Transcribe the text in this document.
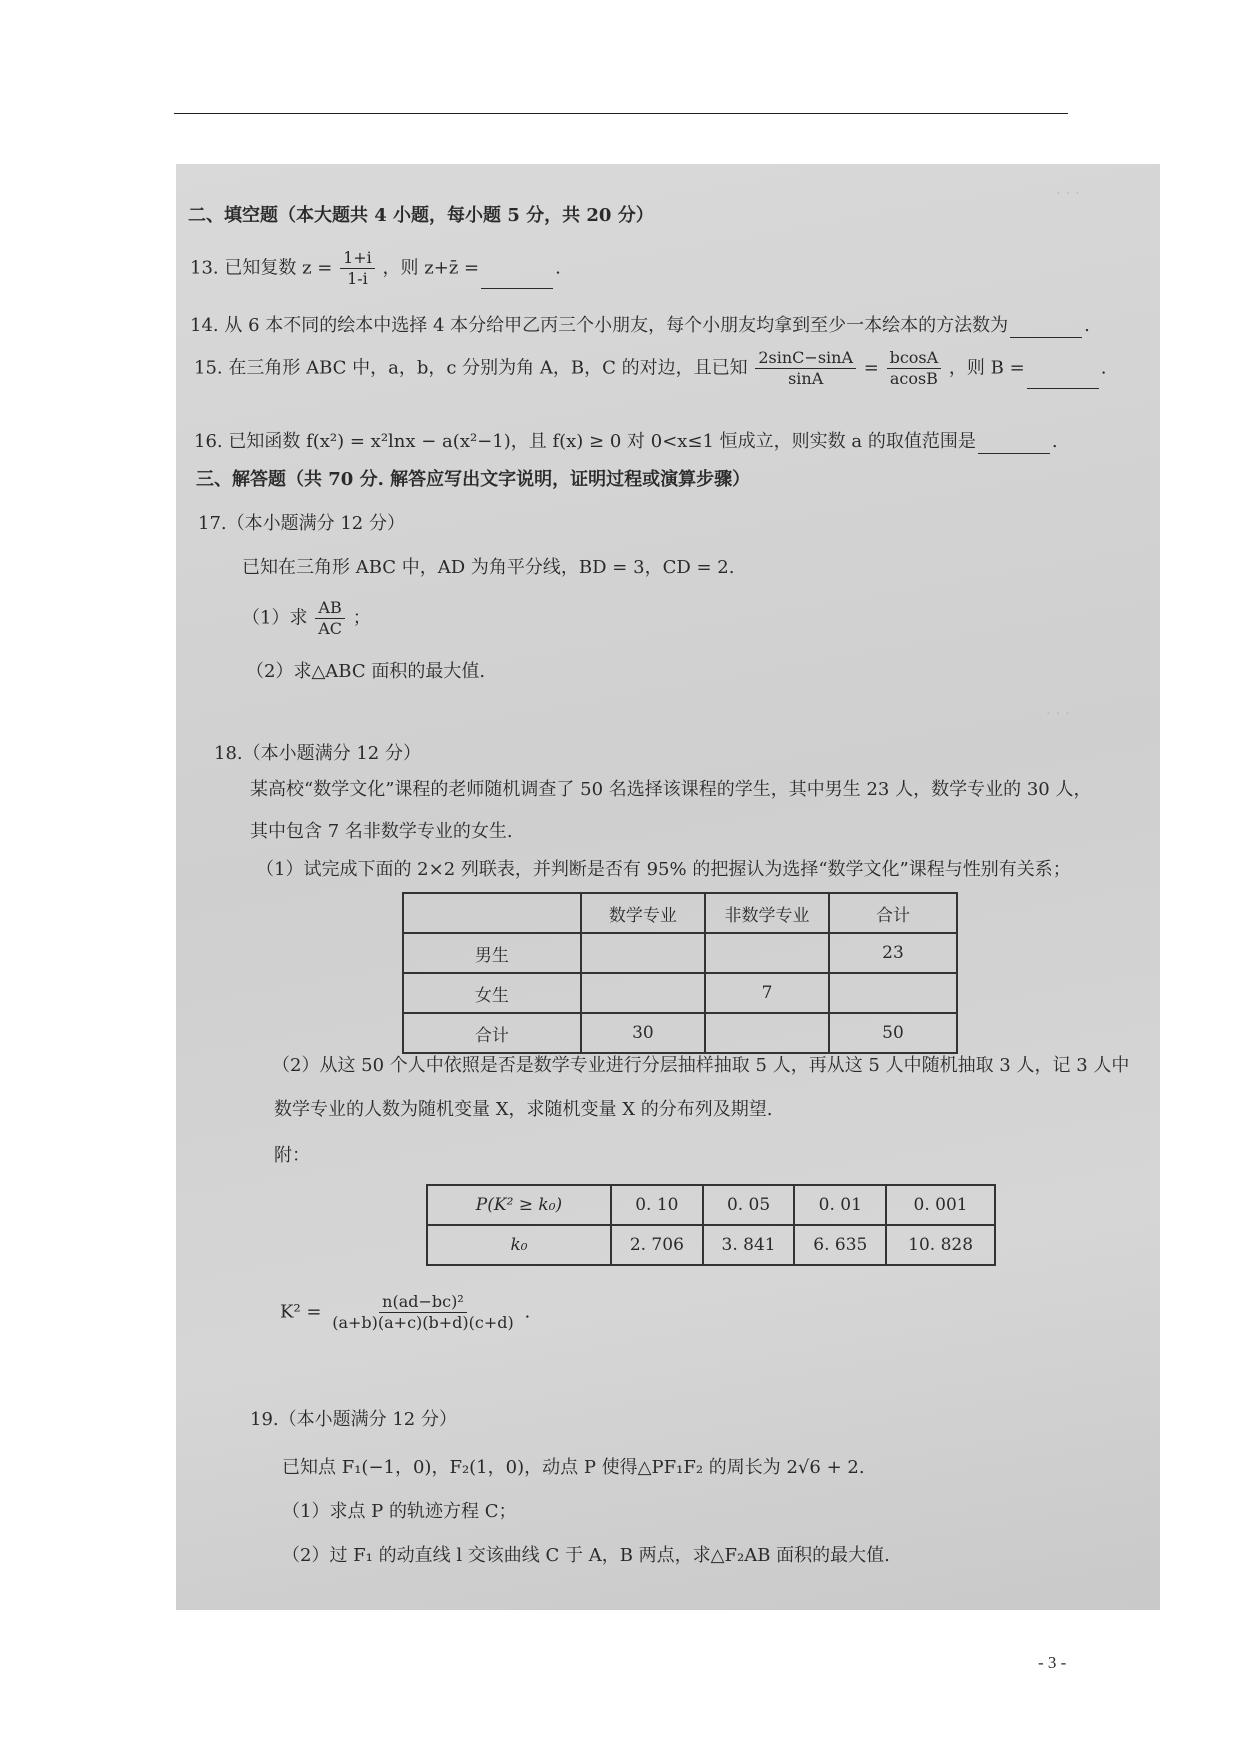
· · ·
· · ·
二、填空题（本大题共 4 小题，每小题 5 分，共 20 分）
13. 已知复数 $z = \frac{1+i}{1-i}$ ，则 z+z̄ =	.
14. 从 6 本不同的绘本中选择 4 本分给甲乙丙三个小朋友，每个小朋友均拿到至少一本绘本的方法数为	.
15. 在三角形 ABC 中，a，b，c 分别为角 A，B，C 的对边，且已知 $\frac{2\sin C-\sin A}{\sin A} = \frac{bcosA}{acosB}$ ，则 B =	.
16. 已知函数 f(x²) = x²lnx − a(x²−1)，且 f(x) ≥ 0 对 0<x≤1 恒成立，则实数 a 的取值范围是	.
三、解答题（共 70 分. 解答应写出文字说明，证明过程或演算步骤）
17.（本小题满分 12 分）
已知在三角形 ABC 中，AD 为角平分线，BD = 3，CD = 2.
（1）求 $\frac{AB}{AC}$ ；
（2）求△ABC 面积的最大值.
18.（本小题满分 12 分）
某高校“数学文化”课程的老师随机调查了 50 名选择该课程的学生，其中男生 23 人，数学专业的 30 人，
其中包含 7 名非数学专业的女生.
（1）试完成下面的 2×2 列联表，并判断是否有 95% 的把握认为选择“数学文化”课程与性别有关系；
	数学专业	非数学专业	合计
男生			23
女生		7	
合计	30		50
（2）从这 50 个人中依照是否是数学专业进行分层抽样抽取 5 人，再从这 5 人中随机抽取 3 人，记 3 人中
数学专业的人数为随机变量 X，求随机变量 X 的分布列及期望.
附：
P(K² ≥ k₀)	0. 10	0. 05	0. 01	0. 001
k₀	2. 706	3. 841	6. 635	10. 828
$K^2 = \frac{\text{n(ad−bc)²}}{(a+b)(a+c)(b+d)(c+d)}$ .
19.（本小题满分 12 分）
已知点 F₁(−1，0)，F₂(1，0)，动点 P 使得△PF₁F₂ 的周长为 2√6 + 2.
（1）求点 P 的轨迹方程 C；
（2）过 F₁ 的动直线 l 交该曲线 C 于 A，B 两点，求△F₂AB 面积的最大值.
- 3 -
